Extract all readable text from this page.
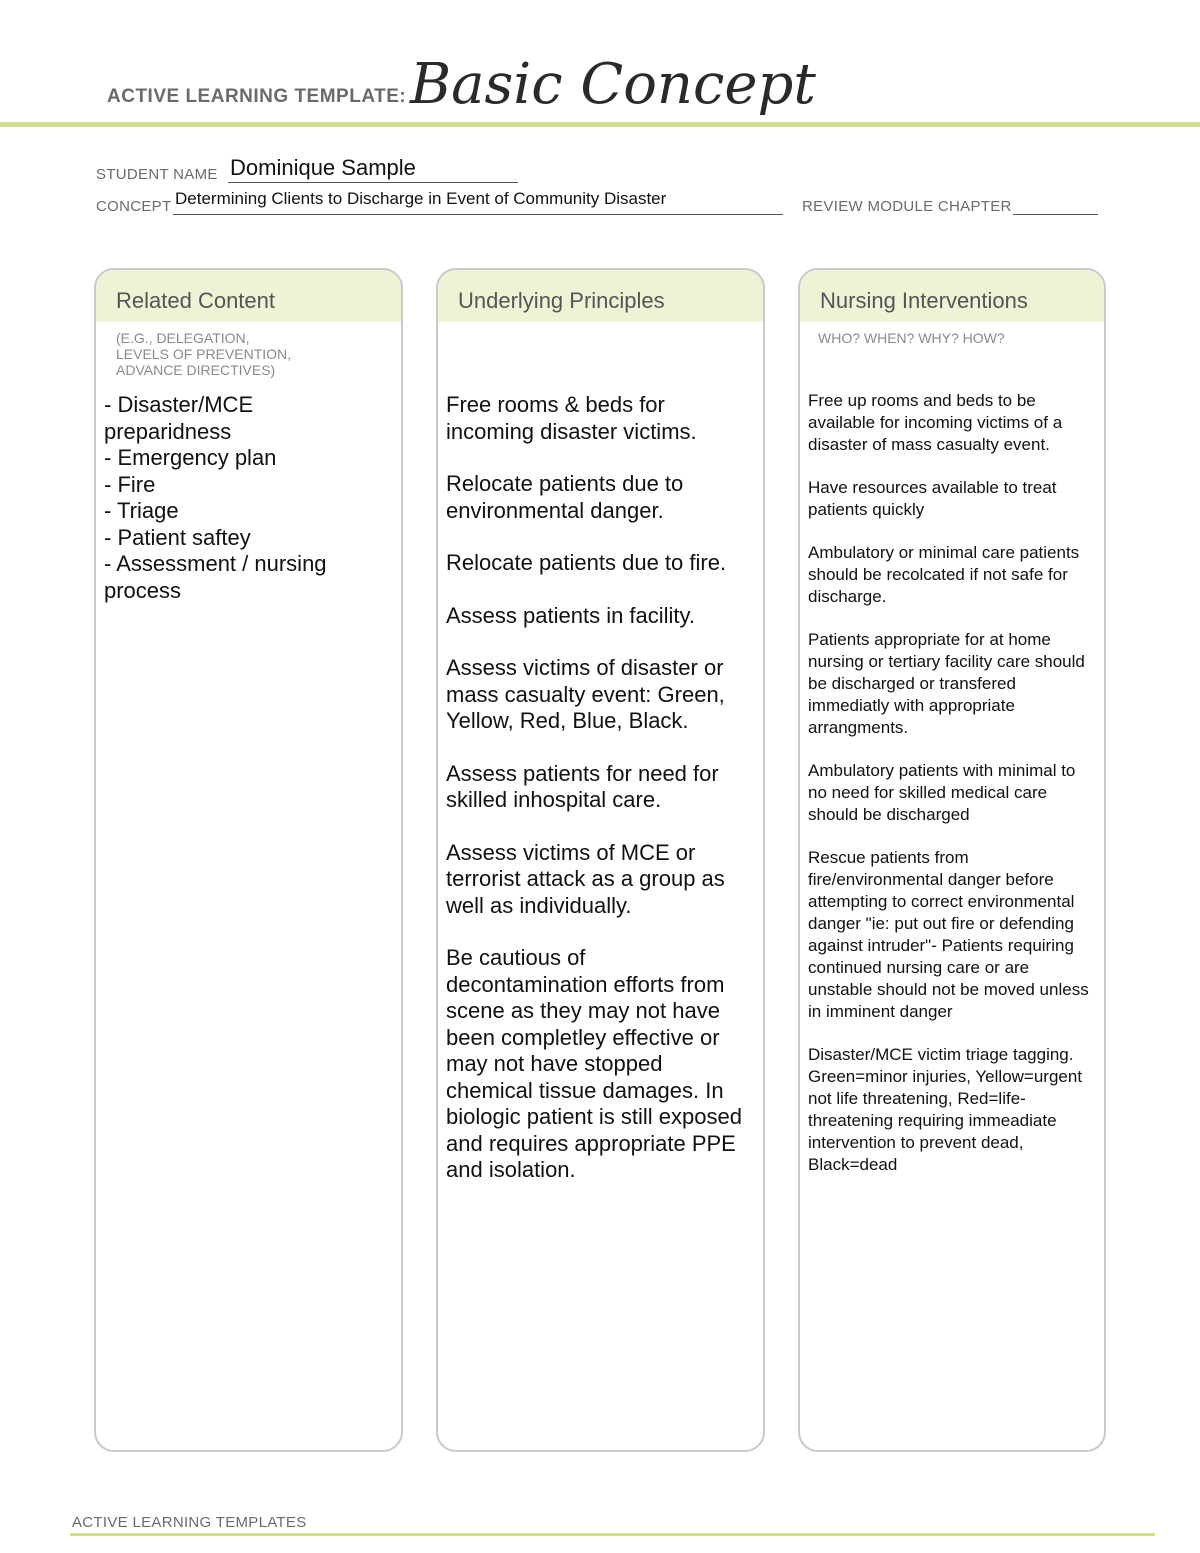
ACTIVE LEARNING TEMPLATE: Basic Concept
STUDENT NAME Dominique Sample
CONCEPT Determining Clients to Discharge in Event of Community Disaster	REVIEW MODULE CHAPTER
Related Content
(E.G., DELEGATION,
LEVELS OF PREVENTION,
ADVANCE DIRECTIVES)
- Disaster/MCE preparidness
- Emergency plan
- Fire
- Triage
- Patient saftey
- Assessment / nursing process
Underlying Principles

Free rooms & beds for incoming disaster victims.

Relocate patients due to environmental danger.

Relocate patients due to fire.

Assess patients in facility.

Assess victims of disaster or mass casualty event: Green, Yellow, Red, Blue, Black.

Assess patients for need for skilled inhospital care.

Assess victims of MCE or terrorist attack as a group as well as individually.

Be cautious of decontamination efforts from scene as they may not have been completley effective or may not have stopped chemical tissue damages. In biologic patient is still exposed and requires appropriate PPE and isolation.

Nursing Interventions
WHO? WHEN? WHY? HOW?

Free up rooms and beds to be available for incoming victims of a disaster of mass casualty event.

Have resources available to treat patients quickly

Ambulatory or minimal care patients should be recolcated if not safe for discharge.

Patients appropriate for at home nursing or tertiary facility care should be discharged or transfered immediatly with appropriate arrangments.

Ambulatory patients with minimal to no need for skilled medical care should be discharged

Rescue patients from fire/environmental danger before attempting to correct environmental danger "ie: put out fire or defending against intruder"- Patients requiring continued nursing care or are unstable should not be moved unless in imminent danger

Disaster/MCE victim triage tagging. Green=minor injuries, Yellow=urgent not life threatening, Red=life-threatening requiring immeadiate intervention to prevent dead, Black=dead

ACTIVE LEARNING TEMPLATES
